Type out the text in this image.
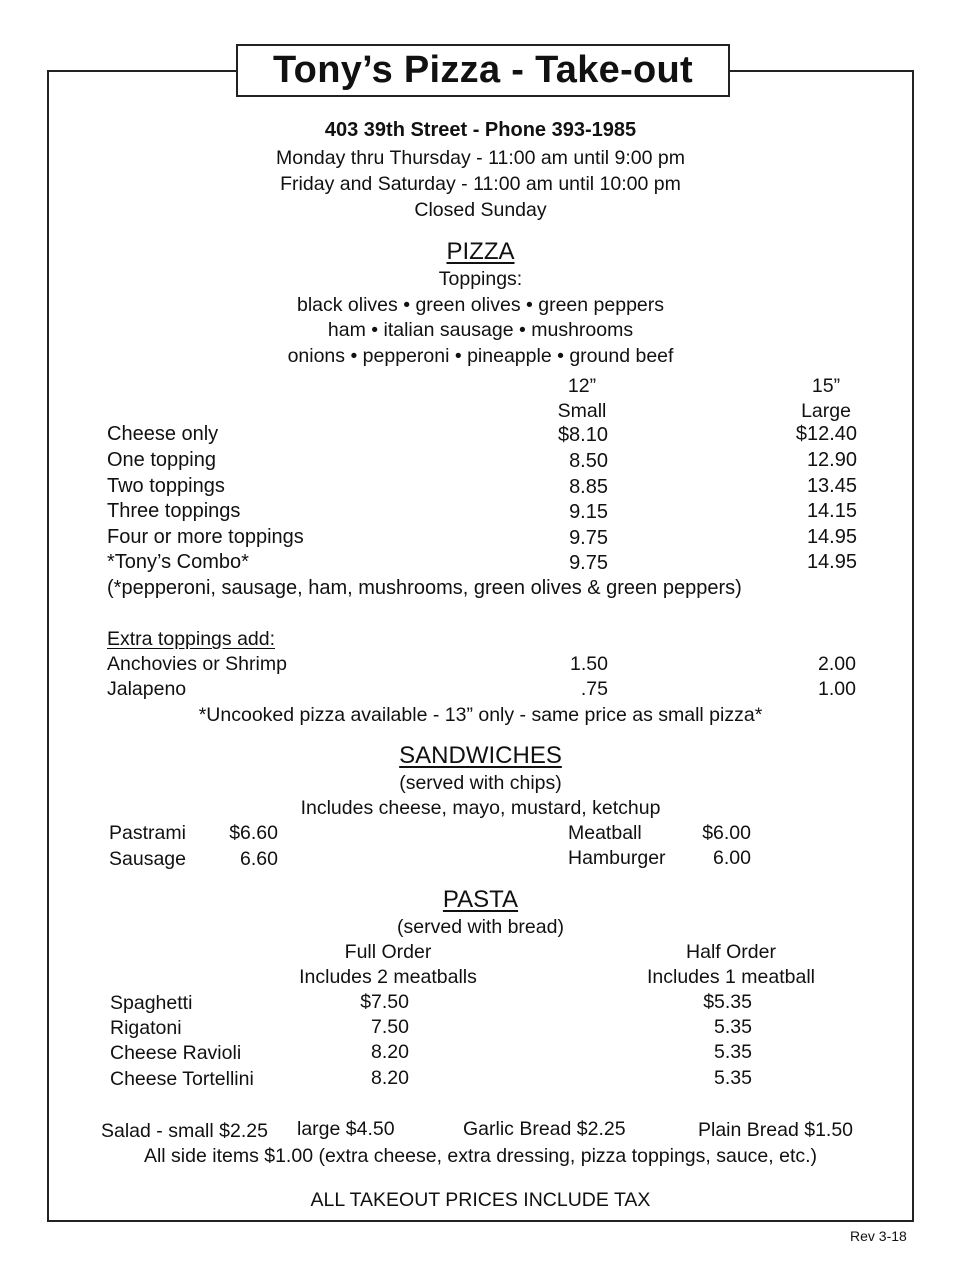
Tony’s Pizza - Take-out
403 39th Street - Phone 393-1985
Monday thru Thursday - 11:00 am until 9:00 pm
Friday and Saturday - 11:00 am until 10:00 pm
Closed Sunday
PIZZA
Toppings:
black olives • green olives • green peppers
ham • italian sausage • mushrooms
onions • pepperoni • pineapple • ground beef
12”
Small
15”
Large
Cheese only	$8.10	$12.40
One topping	8.50	12.90
Two toppings	8.85	13.45
Three toppings	9.15	14.15
Four or more toppings	9.75	14.95
*Tony’s Combo*	9.75	14.95
(*pepperoni, sausage, ham, mushrooms, green olives & green peppers)
Extra toppings add:
Anchovies or Shrimp	1.50	2.00
Jalapeno	.75	1.00
*Uncooked pizza available - 13” only - same price as small pizza*
SANDWICHES
(served with chips)
Includes cheese, mayo, mustard, ketchup
Pastrami	$6.60
Sausage	6.60
Meatball	$6.00
Hamburger	6.00
PASTA
(served with bread)
Full Order
Includes 2 meatballs
Half Order
Includes 1 meatball
Spaghetti	$7.50	$5.35
Rigatoni	7.50	5.35
Cheese Ravioli	8.20	5.35
Cheese Tortellini	8.20	5.35
Salad - small $2.25 large $4.50	Garlic Bread $2.25	Plain Bread $1.50
All side items $1.00 (extra cheese, extra dressing, pizza toppings, sauce, etc.)
ALL TAKEOUT PRICES INCLUDE TAX
Rev 3-18
